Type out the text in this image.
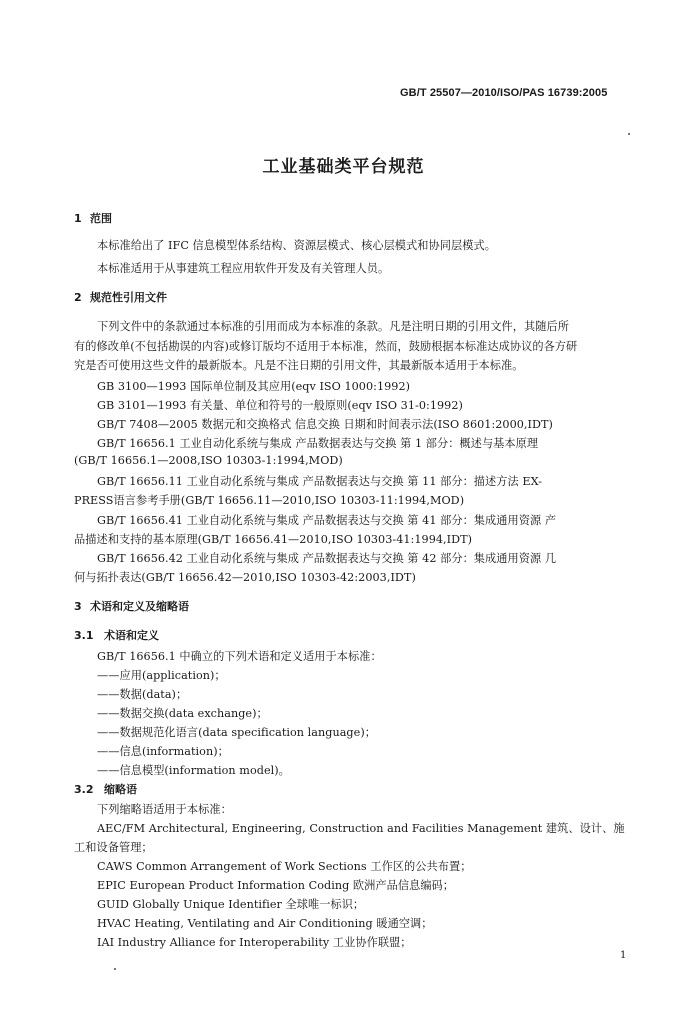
GB/T 25507—2010/ISO/PAS 16739:2005
工业基础类平台规范
1 范围
本标准给出了 IFC 信息模型体系结构、资源层模式、核心层模式和协同层模式。
本标准适用于从事建筑工程应用软件开发及有关管理人员。
2 规范性引用文件
下列文件中的条款通过本标准的引用而成为本标准的条款。凡是注明日期的引用文件，其随后所
有的修改单(不包括勘误的内容)或修订版均不适用于本标准，然而，鼓励根据本标准达成协议的各方研
究是否可使用这些文件的最新版本。凡是不注日期的引用文件，其最新版本适用于本标准。
GB 3100—1993 国际单位制及其应用(eqv ISO 1000:1992)
GB 3101—1993 有关量、单位和符号的一般原则(eqv ISO 31-0:1992)
GB/T 7408—2005 数据元和交换格式 信息交换 日期和时间表示法(ISO 8601:2000,IDT)
GB/T 16656.1 工业自动化系统与集成 产品数据表达与交换 第 1 部分：概述与基本原理
(GB/T 16656.1—2008,ISO 10303-1:1994,MOD)
GB/T 16656.11 工业自动化系统与集成 产品数据表达与交换 第 11 部分：描述方法 EX-
PRESS语言参考手册(GB/T 16656.11—2010,ISO 10303-11:1994,MOD)
GB/T 16656.41 工业自动化系统与集成 产品数据表达与交换 第 41 部分：集成通用资源 产
品描述和支持的基本原理(GB/T 16656.41—2010,ISO 10303-41:1994,IDT)
GB/T 16656.42 工业自动化系统与集成 产品数据表达与交换 第 42 部分：集成通用资源 几
何与拓扑表达(GB/T 16656.42—2010,ISO 10303-42:2003,IDT)
3 术语和定义及缩略语
3.1 术语和定义
GB/T 16656.1 中确立的下列术语和定义适用于本标准：
——应用(application)；
——数据(data)；
——数据交换(data exchange)；
——数据规范化语言(data specification language)；
——信息(information)；
——信息模型(information model)。
3.2 缩略语
下列缩略语适用于本标准：
AEC/FM Architectural, Engineering, Construction and Facilities Management 建筑、设计、施
工和设备管理；
CAWS Common Arrangement of Work Sections 工作区的公共布置；
EPIC European Product Information Coding 欧洲产品信息编码；
GUID Globally Unique Identifier 全球唯一标识；
HVAC Heating, Ventilating and Air Conditioning 暖通空调；
IAI Industry Alliance for Interoperability 工业协作联盟；
1
